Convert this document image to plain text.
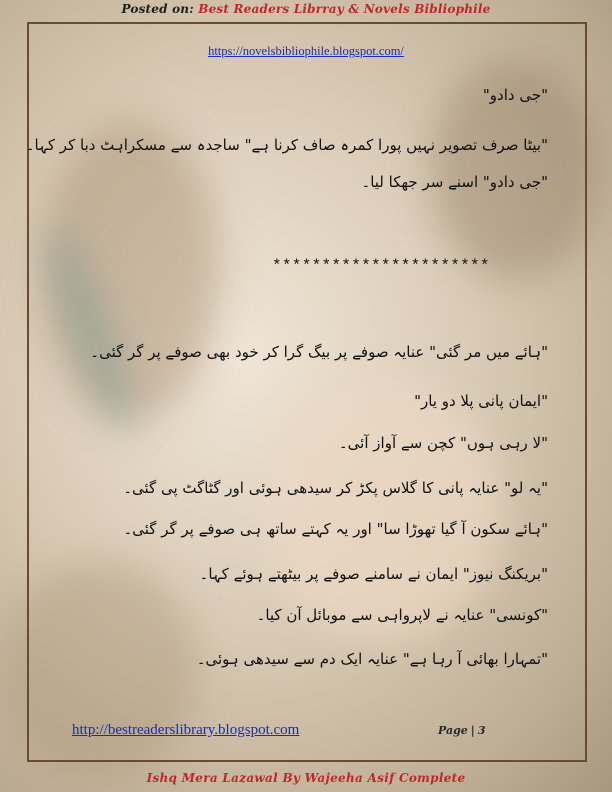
Posted on: Best Readers Librray & Novels Bibliophile
https://novelsbibliophile.blogspot.com/
"جی دادو"
"بیٹا صرف تصویر نہیں پورا کمرہ صاف کرنا ہے" ساجدہ سے مسکراہٹ دبا کر کہا۔
"جی دادو" اسنے سر جھکا لیا۔
**********************
"ہائے میں مر گئی" عنایہ صوفے پر بیگ گرا کر خود بھی صوفے پر گر گئی۔
"ایمان پانی پلا دو یار"
"لا رہی ہوں" کچن سے آواز آئی۔
"یہ لو" عنایہ پانی کا گلاس پکڑ کر سیدھی ہوئی اور گٹاگٹ پی گئی۔
"ہائے سکون آ گیا تھوڑا سا" اور یہ کہتے ساتھ ہی صوفے پر گر گئی۔
"بریکنگ نیوز" ایمان نے سامنے صوفے پر بیٹھتے ہوئے کہا۔
"کونسی" عنایہ نے لاپرواہی سے موبائل آن کیا۔
"تمہارا بھائی آ رہا ہے" عنایہ ایک دم سے سیدھی ہوئی۔
http://bestreaderslibrary.blogspot.com	Page | 3
Ishq Mera Lazawal By Wajeeha Asif Complete
